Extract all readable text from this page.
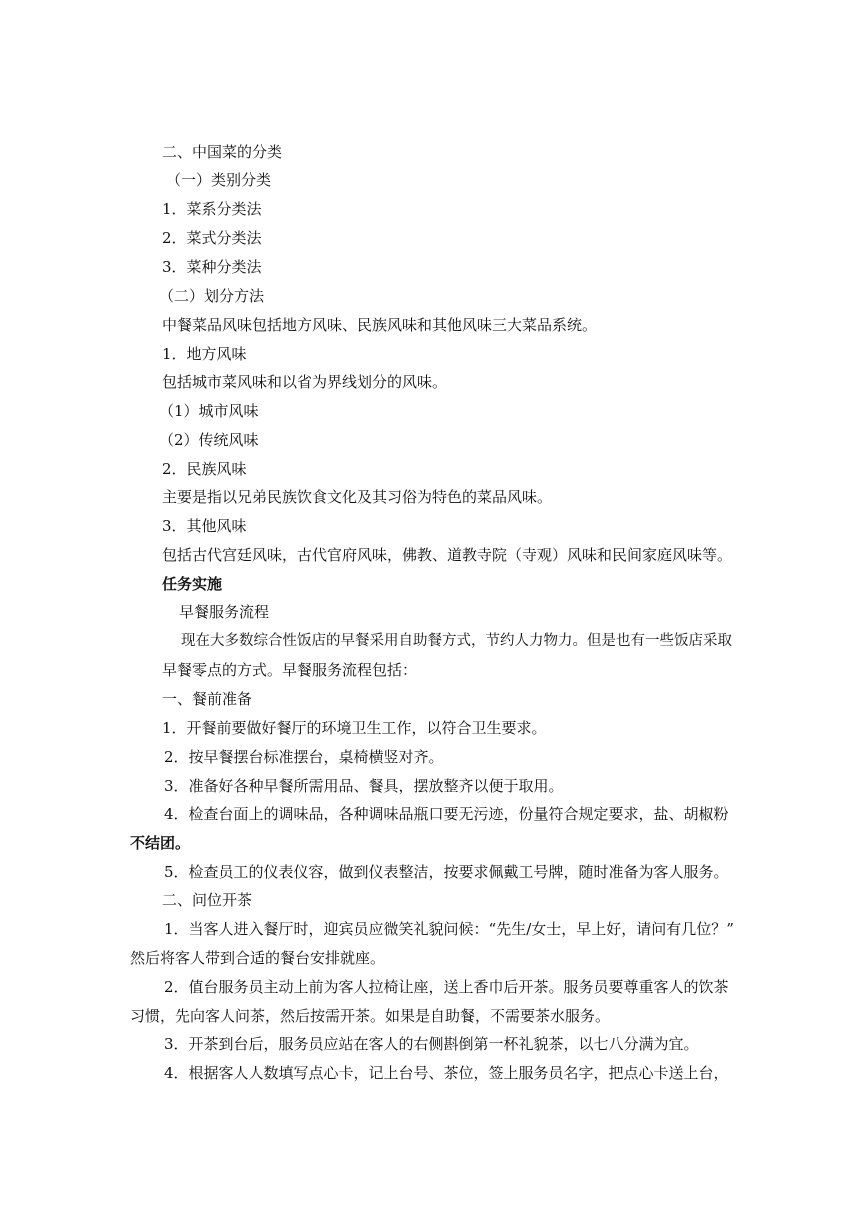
二、中国菜的分类
（一）类别分类
1．菜系分类法
2．菜式分类法
3．菜种分类法
（二）划分方法
中餐菜品风味包括地方风味、民族风味和其他风味三大菜品系统。
1．地方风味
包括城市菜风味和以省为界线划分的风味。
（1）城市风味
（2）传统风味
2．民族风味
主要是指以兄弟民族饮食文化及其习俗为特色的菜品风味。
3．其他风味
包括古代宫廷风味，古代官府风味，佛教、道教寺院（寺观）风味和民间家庭风味等。
任务实施
早餐服务流程
现在大多数综合性饭店的早餐采用自助餐方式，节约人力物力。但是也有一些饭店采取
早餐零点的方式。早餐服务流程包括：
一、餐前准备
1．开餐前要做好餐厅的环境卫生工作，以符合卫生要求。
2．按早餐摆台标准摆台，桌椅横竖对齐。
3．准备好各种早餐所需用品、餐具，摆放整齐以便于取用。
4．检查台面上的调味品，各种调味品瓶口要无污迹，份量符合规定要求，盐、胡椒粉
不结团。
5．检查员工的仪表仪容，做到仪表整洁，按要求佩戴工号牌，随时准备为客人服务。
二、问位开茶
1．当客人进入餐厅时，迎宾员应微笑礼貌问候：“先生/女士，早上好，请问有几位？”
然后将客人带到合适的餐台安排就座。
2．值台服务员主动上前为客人拉椅让座，送上香巾后开茶。服务员要尊重客人的饮茶
习惯，先向客人问茶，然后按需开茶。如果是自助餐，不需要茶水服务。
3．开茶到台后，服务员应站在客人的右侧斟倒第一杯礼貌茶，以七八分满为宜。
4．根据客人人数填写点心卡，记上台号、茶位，签上服务员名字，把点心卡送上台，
